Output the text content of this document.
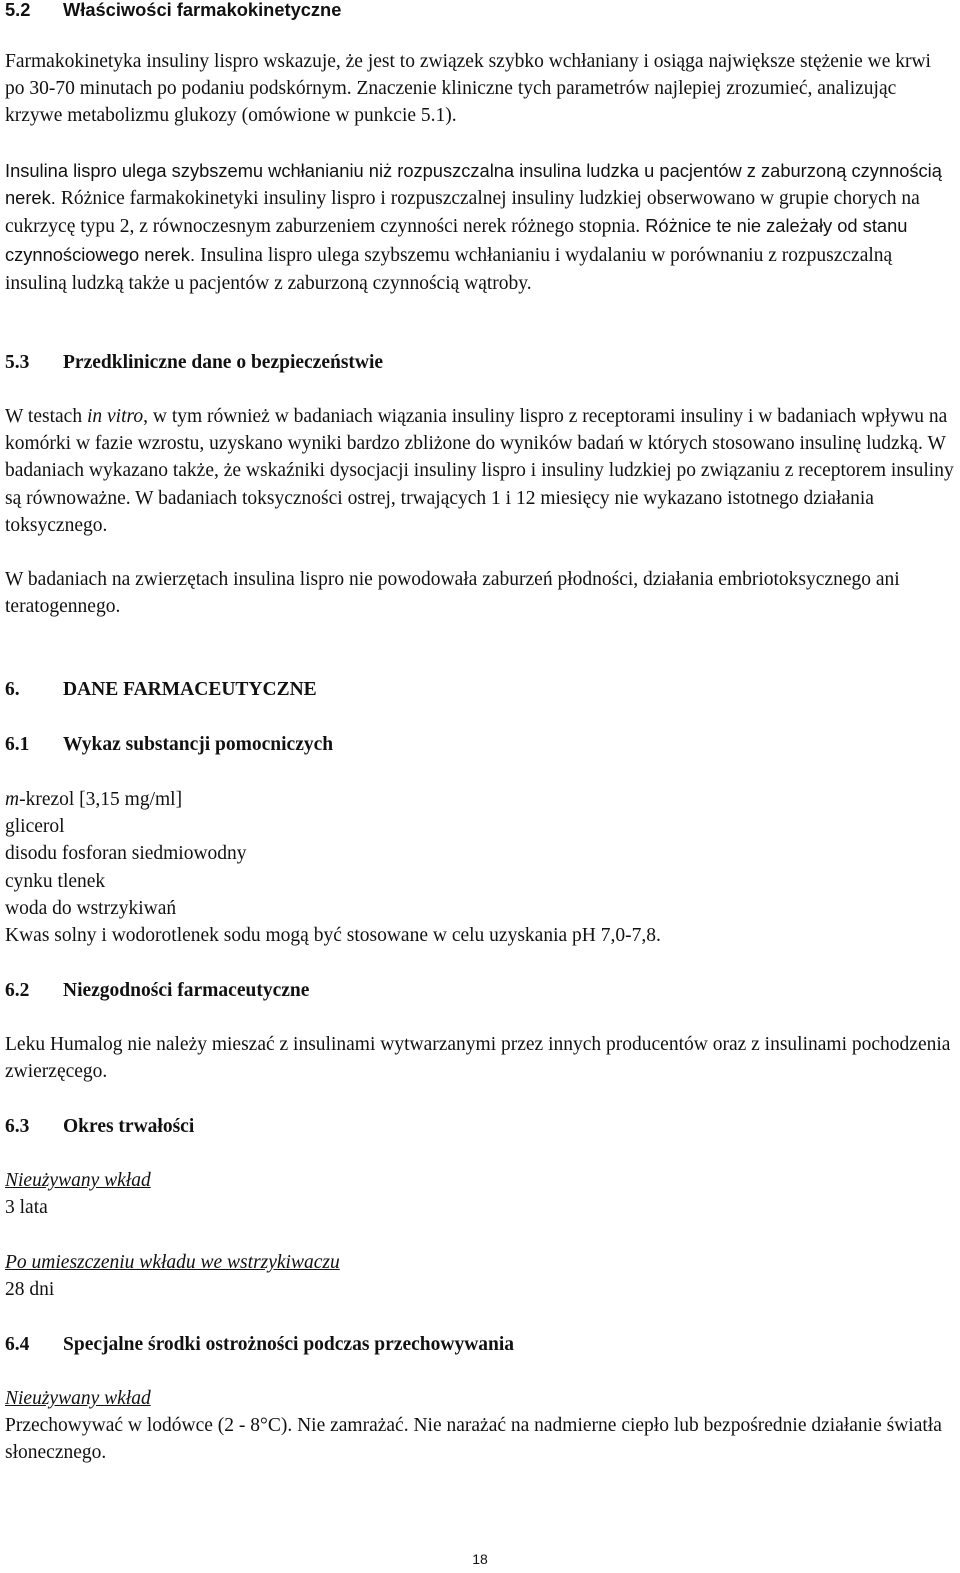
5.2 Właściwości farmakokinetyczne
Farmakokinetyka insuliny lispro wskazuje, że jest to związek szybko wchłaniany i osiąga największe stężenie we krwi po 30-70 minutach po podaniu podskórnym. Znaczenie kliniczne tych parametrów najlepiej zrozumieć, analizując krzywe metabolizmu glukozy (omówione w punkcie 5.1).
Insulina lispro ulega szybszemu wchłanianiu niż rozpuszczalna insulina ludzka u pacjentów z zaburzoną czynnością nerek. Różnice farmakokinetyki insuliny lispro i rozpuszczalnej insuliny ludzkiej obserwowano w grupie chorych na cukrzycę typu 2, z równoczesnym zaburzeniem czynności nerek różnego stopnia. Różnice te nie zależały od stanu czynnościowego nerek. Insulina lispro ulega szybszemu wchłanianiu i wydalaniu w porównaniu z rozpuszczalną insuliną ludzką także u pacjentów z zaburzoną czynnością wątroby.
5.3 Przedkliniczne dane o bezpieczeństwie
W testach in vitro, w tym również w badaniach wiązania insuliny lispro z receptorami insuliny i w badaniach wpływu na komórki w fazie wzrostu, uzyskano wyniki bardzo zbliżone do wyników badań w których stosowano insulinę ludzką. W badaniach wykazano także, że wskaźniki dysocjacji insuliny lispro i insuliny ludzkiej po związaniu z receptorem insuliny są równoważne. W badaniach toksyczności ostrej, trwających 1 i 12 miesięcy nie wykazano istotnego działania toksycznego.
W badaniach na zwierzętach insulina lispro nie powodowała zaburzeń płodności, działania embriotoksycznego ani teratogennego.
6. DANE FARMACEUTYCZNE
6.1 Wykaz substancji pomocniczych
m-krezol [3,15 mg/ml]
glicerol
disodu fosforan siedmiowodny
cynku tlenek
woda do wstrzykiwań
Kwas solny i wodorotlenek sodu mogą być stosowane w celu uzyskania pH 7,0-7,8.
6.2 Niezgodności farmaceutyczne
Leku Humalog nie należy mieszać z insulinami wytwarzanymi przez innych producentów oraz z insulinami pochodzenia zwierzęcego.
6.3 Okres trwałości
Nieużywany wkład
3 lata
Po umieszczeniu wkładu we wstrzykiwaczu
28 dni
6.4 Specjalne środki ostrożności podczas przechowywania
Nieużywany wkład
Przechowywać w lodówce (2 - 8°C). Nie zamrażać. Nie narażać na nadmierne ciepło lub bezpośrednie działanie światła słonecznego.
18
